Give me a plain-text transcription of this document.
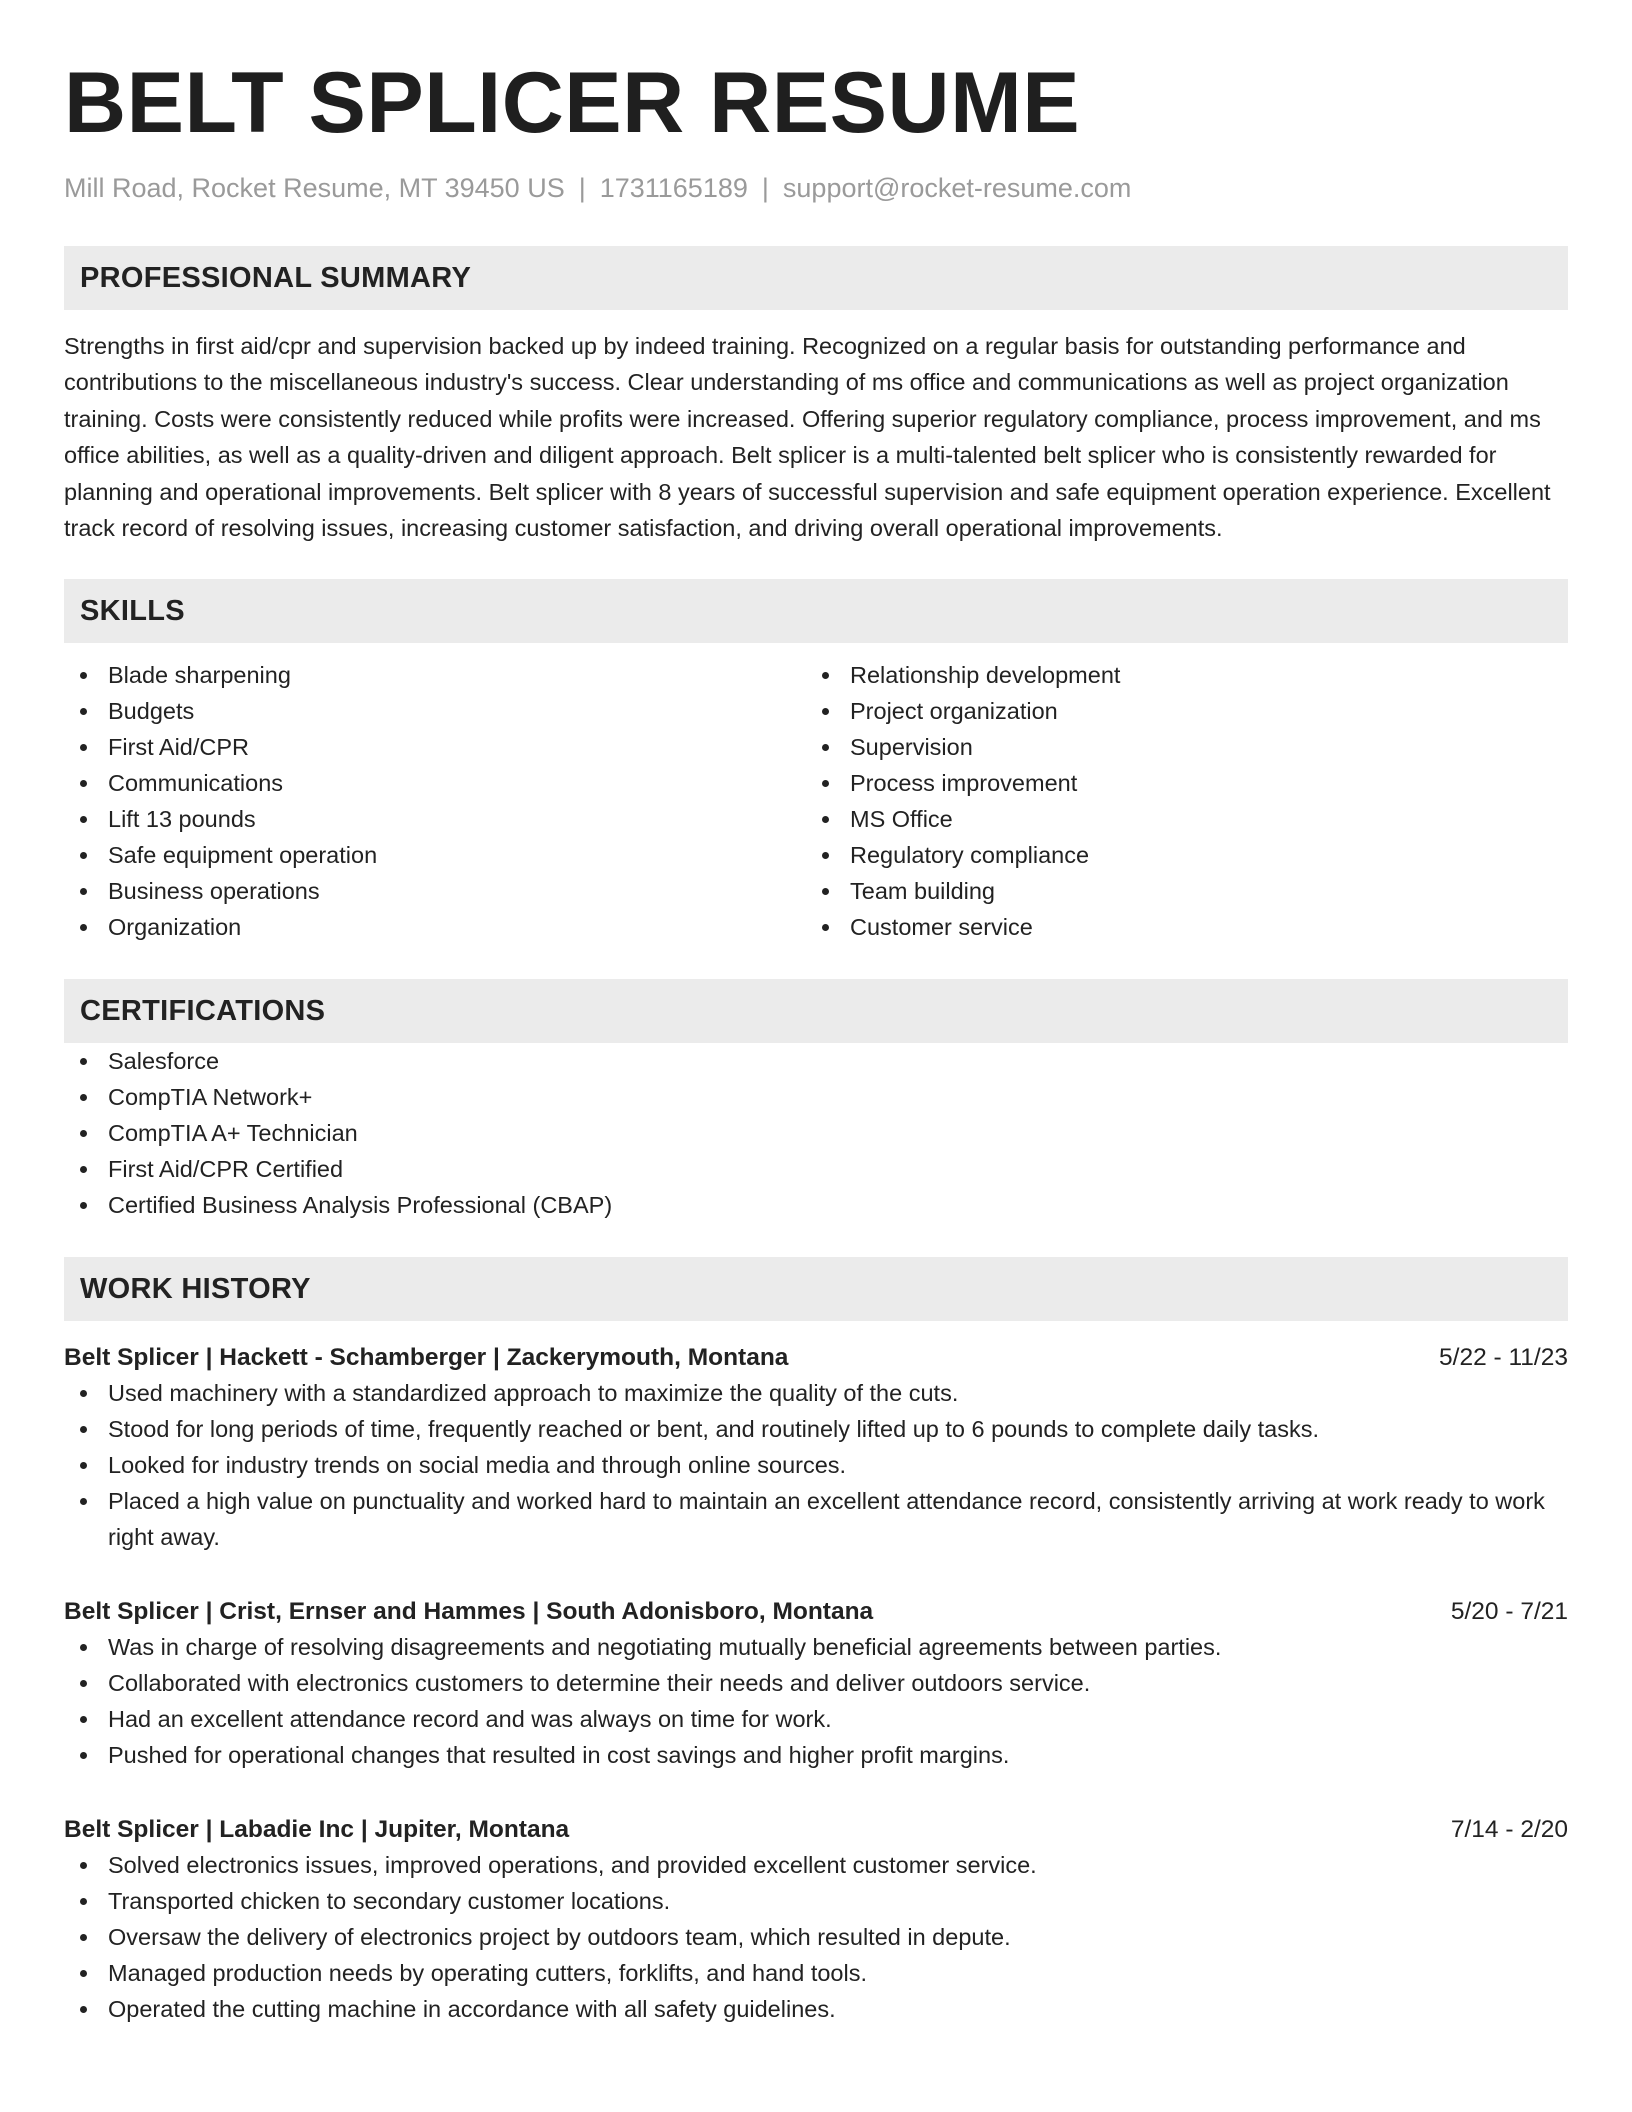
BELT SPLICER RESUME
Mill Road, Rocket Resume, MT 39450 US | 1731165189 | support@rocket-resume.com
PROFESSIONAL SUMMARY

Strengths in first aid/cpr and supervision backed up by indeed training. Recognized on a regular basis for outstanding performance and contributions to the miscellaneous industry's success. Clear understanding of ms office and communications as well as project organization training. Costs were consistently reduced while profits were increased. Offering superior regulatory compliance, process improvement, and ms office abilities, as well as a quality-driven and diligent approach. Belt splicer is a multi-talented belt splicer who is consistently rewarded for planning and operational improvements. Belt splicer with 8 years of successful supervision and safe equipment operation experience. Excellent track record of resolving issues, increasing customer satisfaction, and driving overall operational improvements.

SKILLS
Blade sharpening
Budgets
First Aid/CPR
Communications
Lift 13 pounds
Safe equipment operation
Business operations
Organization
Relationship development
Project organization
Supervision
Process improvement
MS Office
Regulatory compliance
Team building
Customer service
CERTIFICATIONS
Salesforce
CompTIA Network+
CompTIA A+ Technician
First Aid/CPR Certified
Certified Business Analysis Professional (CBAP)
WORK HISTORY
Belt Splicer | Hackett - Schamberger | Zackerymouth, Montana	5/22 - 11/23
Used machinery with a standardized approach to maximize the quality of the cuts.
Stood for long periods of time, frequently reached or bent, and routinely lifted up to 6 pounds to complete daily tasks.
Looked for industry trends on social media and through online sources.
Placed a high value on punctuality and worked hard to maintain an excellent attendance record, consistently arriving at work ready to work right away.
Belt Splicer | Crist, Ernser and Hammes | South Adonisboro, Montana	5/20 - 7/21
Was in charge of resolving disagreements and negotiating mutually beneficial agreements between parties.
Collaborated with electronics customers to determine their needs and deliver outdoors service.
Had an excellent attendance record and was always on time for work.
Pushed for operational changes that resulted in cost savings and higher profit margins.
Belt Splicer | Labadie Inc | Jupiter, Montana	7/14 - 2/20
Solved electronics issues, improved operations, and provided excellent customer service.
Transported chicken to secondary customer locations.
Oversaw the delivery of electronics project by outdoors team, which resulted in depute.
Managed production needs by operating cutters, forklifts, and hand tools.
Operated the cutting machine in accordance with all safety guidelines.
